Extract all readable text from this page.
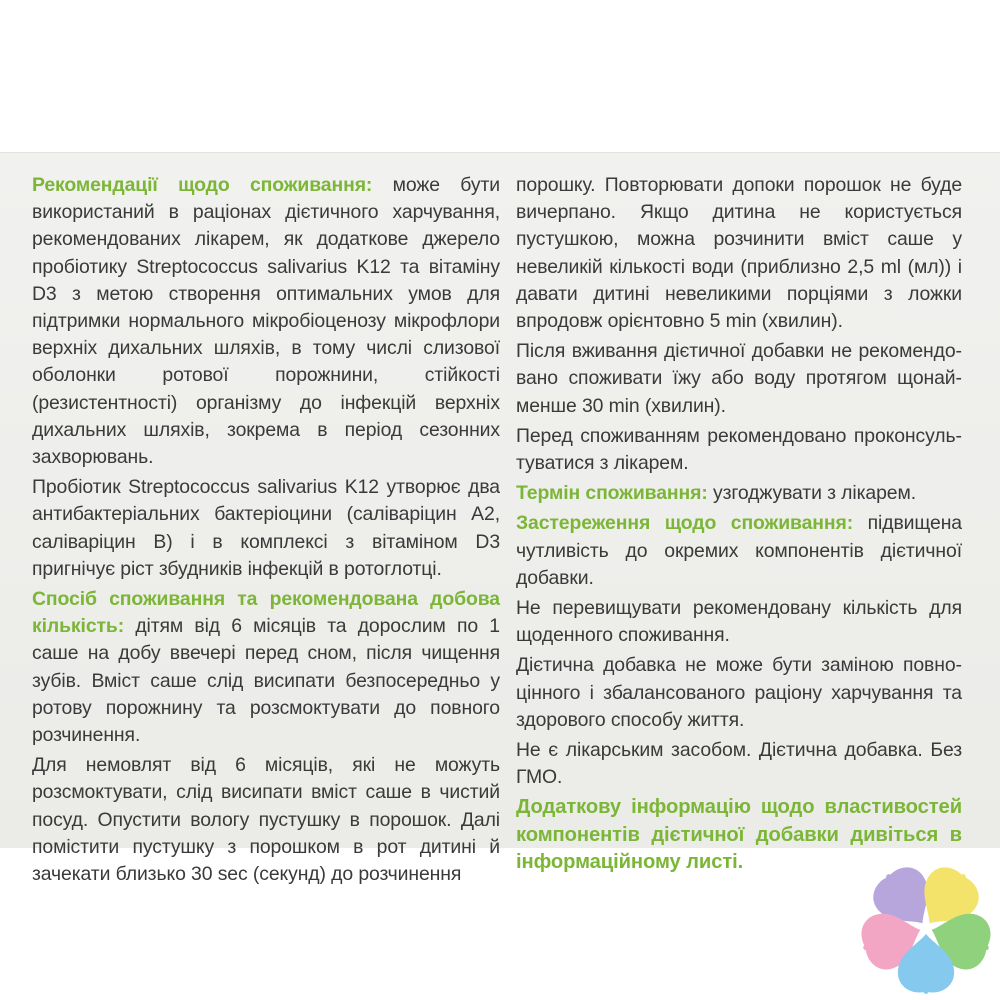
Рекомендації щодо споживання: може бути використаний в раціонах дієтичного харчування, рекомендованих лікарем, як додаткове джерело пробіотику Streptococcus salivarius K12 та вітаміну D3 з метою створення оптимальних умов для підтримки нормального мікробіоценозу мікрофлори верхніх дихальних шляхів, в тому числі слизової оболонки ротової порожнини, стійкості (резистентності) організму до інфекцій верхніх дихальних шляхів, зокрема в період сезонних захворювань.

Пробіотик Streptococcus salivarius K12 утворює два антибактеріальних бактеріоцини (саліваріцин А2, саліваріцин В) і в комплексі з вітаміном D3 пригнічує ріст збудників інфекцій в ротоглотці.

Спосіб споживання та рекомендована добова кількість: дітям від 6 місяців та дорослим по 1 саше на добу ввечері перед сном, після чищення зубів. Вміст саше слід висипати безпосередньо у ротову порожнину та розсмоктувати до повного розчинення.

Для немовлят від 6 місяців, які не можуть розсмоктувати, слід висипати вміст саше в чистий посуд. Опустити вологу пустушку в порошок. Далі помістити пустушку з порошком в рот дитині й зачекати близько 30 sec (секунд) до розчинення

порошку. Повторювати допоки порошок не буде вичерпано. Якщо дитина не користується пустушкою, можна розчинити вміст саше у невеликій кількості води (приблизно 2,5 ml (мл)) і давати дитині невеликими порціями з ложки впродовж орієнтовно 5 min (хвилин).

Після вживання дієтичної добавки не рекомендовано споживати їжу або воду протягом щонайменше 30 min (хвилин).

Перед споживанням рекомендовано проконсультуватися з лікарем.

Термін споживання: узгоджувати з лікарем.

Застереження щодо споживання: підвищена чутливість до окремих компонентів дієтичної добавки.

Не перевищувати рекомендовану кількість для щоденного споживання.

Дієтична добавка не може бути заміною повноцінного і збалансованого раціону харчування та здорового способу життя.

Не є лікарським засобом. Дієтична добавка. Без ГМО.

Додаткову інформацію щодо властивостей компонентів дієтичної добавки дивіться в інформаційному листі.
